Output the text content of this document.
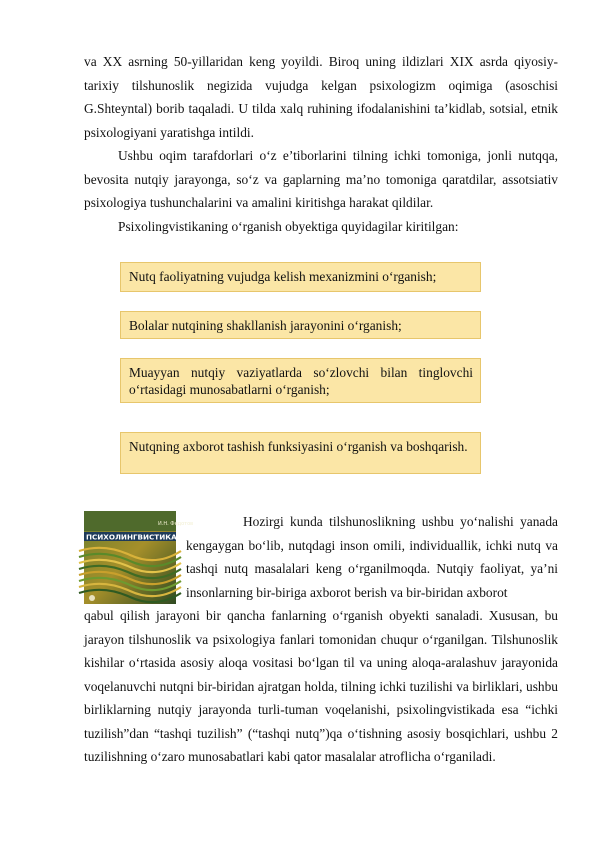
va XX asrning 50-yillaridan keng yoyildi. Biroq uning ildizlari XIX asrda qiyosiy-tarixiy tilshunoslik negizida vujudga kelgan psixologizm oqimiga (asoschisi G.Shteyntal) borib taqaladi. U tilda xalq ruhining ifodalanishini ta’kidlab, sotsial, etnik psixologiyani yaratishga intildi.

Ushbu oqim tarafdorlari o‘z e’tiborlarini tilning ichki tomoniga, jonli nutqqa, bevosita nutqiy jarayonga, so‘z va gaplarning ma’no tomoniga qaratdilar, assotsiativ psixologiya tushunchalarini va amalini kiritishga harakat qildilar.

Psixolingvistikaning o‘rganish obyektiga quyidagilar kiritilgan:

Nutq faoliyatning vujudga kelish mexanizmini o‘rganish;
Bolalar nutqining shakllanish jarayonini o‘rganish;
Muayyan nutqiy vaziyatlarda so‘zlovchi bilan tinglovchi o‘rtasidagi munosabatlarni o‘rganish;
Nutqning axborot tashish funksiyasini o‘rganish va boshqarish.
И.Н. Федотов
ПСИХОЛИНГВИСТИКА

Hozirgi kunda tilshunoslikning ushbu yo‘nalishi yanada kengaygan bo‘lib, nutqdagi inson omili, individuallik, ichki nutq va tashqi nutq masalalari keng o‘rganilmoqda. Nutqiy faoliyat, ya’ni insonlarning bir-biriga axborot berish va bir-biridan axborot

qabul qilish jarayoni bir qancha fanlarning o‘rganish obyekti sanaladi. Xususan, bu jarayon tilshunoslik va psixologiya fanlari tomonidan chuqur o‘rganilgan. Tilshunoslik kishilar o‘rtasida asosiy aloqa vositasi bo‘lgan til va uning aloqa-aralashuv jarayonida voqelanuvchi nutqni bir-biridan ajratgan holda, tilning ichki tuzilishi va birliklari, ushbu birliklarning nutqiy jarayonda turli-tuman voqelanishi, psixolingvistikada esa “ichki tuzilish”dan “tashqi tuzilish” (“tashqi nutq”)qa o‘tishning asosiy bosqichlari, ushbu 2 tuzilishning o‘zaro munosabatlari kabi qator masalalar atroflicha o‘rganiladi.
